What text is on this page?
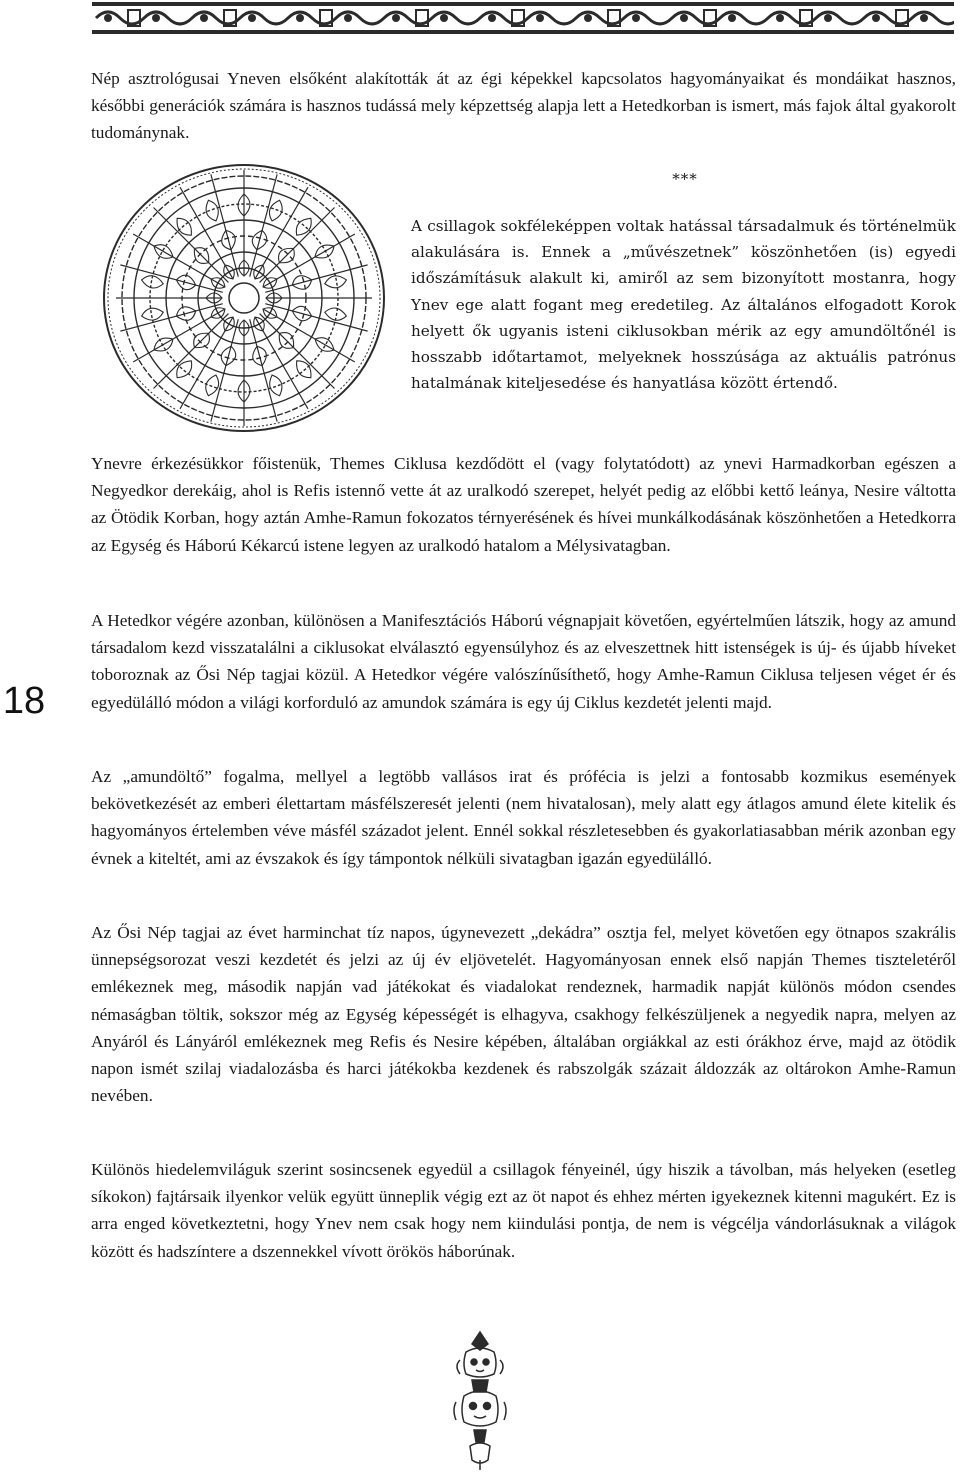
Nép asztrológusai Yneven elsőként alakították át az égi képekkel kapcsolatos hagyományaikat és mondáikat hasznos, későbbi generációk számára is hasznos tudássá mely képzettség alapja lett a Hetedkorban is ismert, más fajok által gyakorolt tudománynak.

***

A csillagok sokféleképpen voltak hatással társadalmuk és történelmük alakulására is. Ennek a „művészetnek” köszönhetően (is) egyedi időszámításuk alakult ki, amiről az sem bizonyított mostanra, hogy Ynev ege alatt fogant meg eredetileg. Az általános elfogadott Korok helyett ők ugyanis isteni ciklusokban mérik az egy amundöltőnél is hosszabb időtartamot, melyeknek hosszúsága az aktuális patrónus hatalmának kiteljesedése és hanyatlása között értendő.

Ynevre érkezésükkor főistenük, Themes Ciklusa kezdődött el (vagy folytatódott) az ynevi Harmadkorban egészen a Negyedkor derekáig, ahol is Refis istennő vette át az uralkodó szerepet, helyét pedig az előbbi kettő leánya, Nesire váltotta az Ötödik Korban, hogy aztán Amhe-Ramun fokozatos térnyerésének és hívei munkálkodásának köszönhetően a Hetedkorra az Egység és Háború Kékarcú istene legyen az uralkodó hatalom a Mélysivatagban.

A Hetedkor végére azonban, különösen a Manifesztációs Háború végnapjait követően, egyértelműen látszik, hogy az amund társadalom kezd visszatalálni a ciklusokat elválasztó egyensúlyhoz és az elveszettnek hitt istenségek is új- és újabb híveket toboroznak az Ősi Nép tagjai közül. A Hetedkor végére valószínűsíthető, hogy Amhe-Ramun Ciklusa teljesen véget ér és egyedülálló módon a világi korforduló az amundok számára is egy új Ciklus kezdetét jelenti majd.

Az „amundöltő” fogalma, mellyel a legtöbb vallásos irat és prófécia is jelzi a fontosabb kozmikus események bekövetkezését az emberi élettartam másfélszeresét jelenti (nem hivatalosan), mely alatt egy átlagos amund élete kitelik és hagyományos értelemben véve másfél századot jelent. Ennél sokkal részletesebben és gyakorlatiasabban mérik azonban egy évnek a kiteltét, ami az évszakok és így támpontok nélküli sivatagban igazán egyedülálló.

Az Ősi Nép tagjai az évet harminchat tíz napos, úgynevezett „dekádra” osztja fel, melyet követően egy ötnapos szakrális ünnepségsorozat veszi kezdetét és jelzi az új év eljövetelét. Hagyományosan ennek első napján Themes tiszteletéről emlékeznek meg, második napján vad játékokat és viadalokat rendeznek, harmadik napját különös módon csendes némaságban töltik, sokszor még az Egység képességét is elhagyva, csakhogy felkészüljenek a negyedik napra, melyen az Anyáról és Lányáról emlékeznek meg Refis és Nesire képében, általában orgiákkal az esti órákhoz érve, majd az ötödik napon ismét szilaj viadalozásba és harci játékokba kezdenek és rabszolgák százait áldozzák az oltárokon Amhe-Ramun nevében.

Különös hiedelemviláguk szerint sosincsenek egyedül a csillagok fényeinél, úgy hiszik a távolban, más helyeken (esetleg síkokon) fajtársaik ilyenkor velük együtt ünneplik végig ezt az öt napot és ehhez mérten igyekeznek kitenni magukért. Ez is arra enged következtetni, hogy Ynev nem csak hogy nem kiindulási pontja, de nem is végcélja vándorlásuknak a világok között és hadszíntere a dszennekkel vívott örökös háborúnak.

18
